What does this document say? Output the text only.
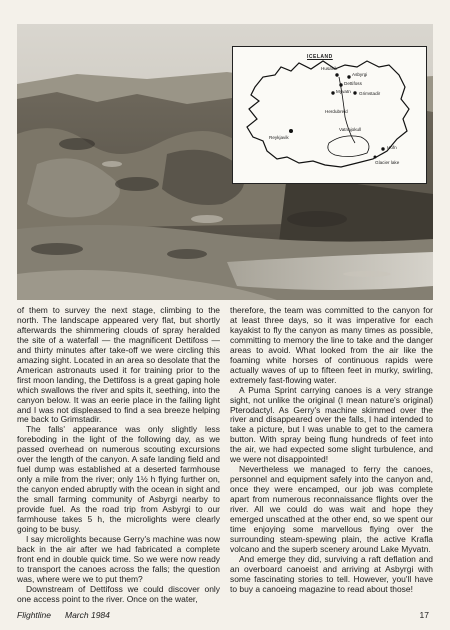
ICELAND
Husavik
Asbyrgi
Dettifoss
Myvatn Grimstadir
Herdubreid
Reykjavik
Vatnajokull
Hofn
Glacier lake

of them to survey the next stage, climbing to the north. The landscape appeared very flat, but shortly afterwards the shimmering clouds of spray heralded the site of a waterfall — the magnificent Dettifoss — and thirty minutes after take-off we were circling this amazing sight. Located in an area so desolate that the American astronauts used it for training prior to the first moon landing, the Dettifoss is a great gaping hole which swallows the river and spits it, seething, into the canyon below. It was an eerie place in the failing light and I was not displeased to find a sea breeze helping me back to Grimstadir.

The falls' appearance was only slightly less foreboding in the light of the following day, as we passed overhead on numerous scouting excursions over the length of the canyon. A safe landing field and fuel dump was established at a deserted farmhouse only a mile from the river; only 1½ h flying further on, the canyon ended abruptly with the ocean in sight and the small farming community of Asbyrgi nearby to provide fuel. As the road trip from Asbyrgi to our farmhouse takes 5 h, the microlights were clearly going to be busy.

I say microlights because Gerry's machine was now back in the air after we had fabricated a complete front end in double quick time. So we were now ready to transport the canoes across the falls; the question was, where were we to put them?

Downstream of Dettifoss we could discover only one access point to the river. Once on the water,

therefore, the team was committed to the canyon for at least three days, so it was imperative for each kayakist to fly the canyon as many times as possible, committing to memory the line to take and the danger areas to avoid. What looked from the air like the foaming white horses of continuous rapids were actually waves of up to fifteen feet in murky, swirling, extremely fast-flowing water.

A Puma Sprint carrying canoes is a very strange sight, not unlike the original (I mean nature's original) Pterodactyl. As Gerry's machine skimmed over the river and disappeared over the falls, I had intended to take a picture, but I was unable to get to the camera button. With spray being flung hundreds of feet into the air, we had expected some slight turbulence, and we were not disappointed!

Nevertheless we managed to ferry the canoes, personnel and equipment safely into the canyon and, once they were encamped, our job was complete apart from numerous reconnaissance flights over the river. All we could do was wait and hope they emerged unscathed at the other end, so we spent our time enjoying some marvellous flying over the surrounding steam-spewing plain, the active Krafla volcano and the superb scenery around Lake Myvatn.

And emerge they did, surviving a raft deflation and an overboard canoeist and arriving at Asbyrgi with some fascinating stories to tell. However, you'll have to buy a canoeing magazine to read about those!

Flightline March 1984	17
